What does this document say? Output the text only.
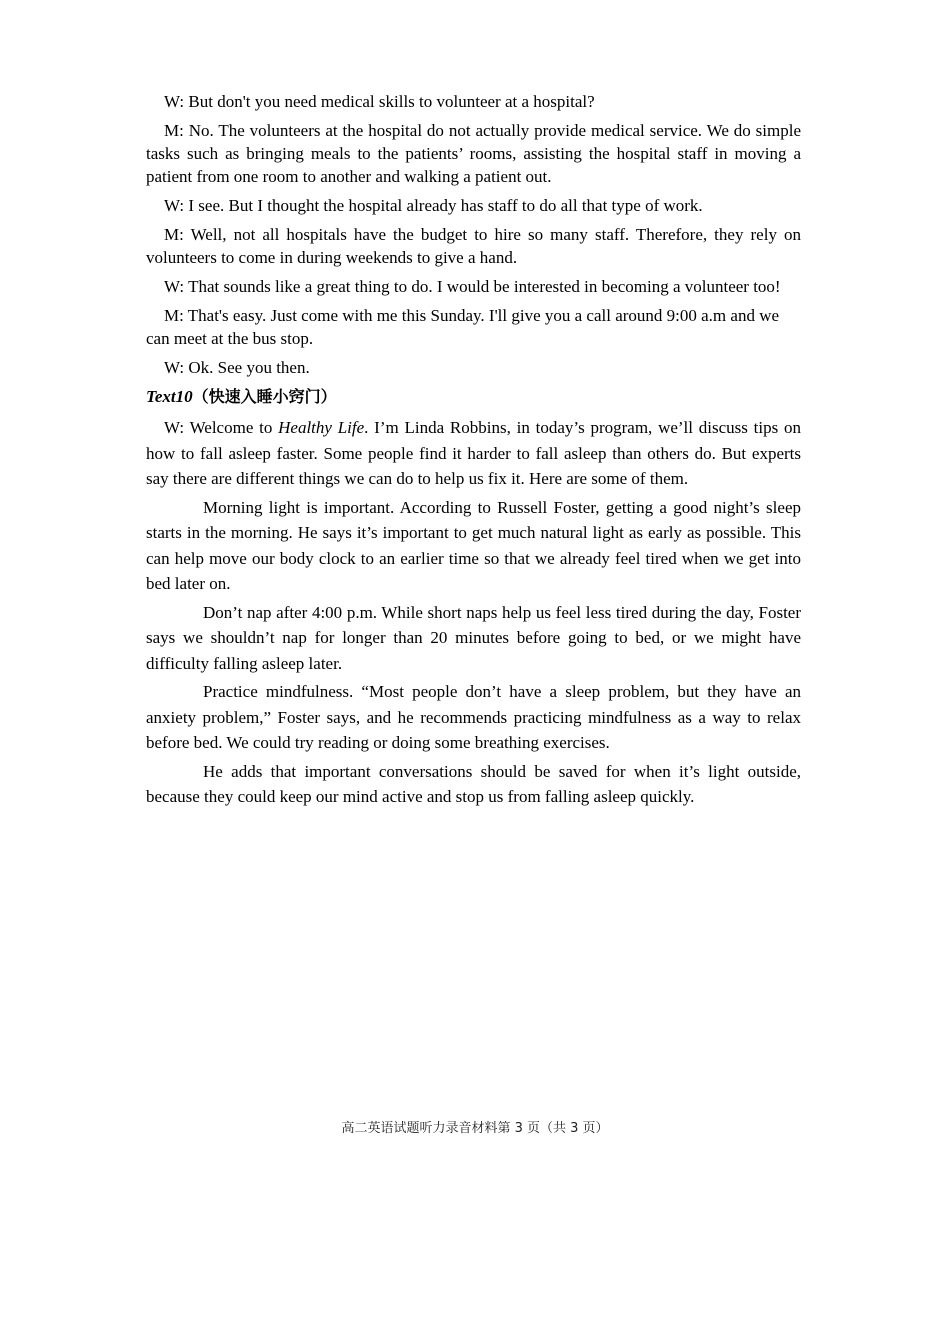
W: But don't you need medical skills to volunteer at a hospital?

M: No. The volunteers at the hospital do not actually provide medical service. We do simple tasks such as bringing meals to the patients’ rooms, assisting the hospital staff in moving a patient from one room to another and walking a patient out.

W: I see. But I thought the hospital already has staff to do all that type of work.

M: Well, not all hospitals have the budget to hire so many staff. Therefore, they rely on volunteers to come in during weekends to give a hand.

W: That sounds like a great thing to do. I would be interested in becoming a volunteer too!

M: That's easy. Just come with me this Sunday. I'll give you a call around 9:00 a.m and we can meet at the bus stop.

W: Ok. See you then.

Text10（快速入睡小窍门）

W: Welcome to Healthy Life. I’m Linda Robbins, in today’s program, we’ll discuss tips on how to fall asleep faster. Some people find it harder to fall asleep than others do. But experts say there are different things we can do to help us fix it. Here are some of them.

Morning light is important. According to Russell Foster, getting a good night’s sleep starts in the morning. He says it’s important to get much natural light as early as possible. This can help move our body clock to an earlier time so that we already feel tired when we get into bed later on.

Don’t nap after 4:00 p.m. While short naps help us feel less tired during the day, Foster says we shouldn’t nap for longer than 20 minutes before going to bed, or we might have difficulty falling asleep later.

Practice mindfulness. “Most people don’t have a sleep problem, but they have an anxiety problem,” Foster says, and he recommends practicing mindfulness as a way to relax before bed. We could try reading or doing some breathing exercises.

He adds that important conversations should be saved for when it’s light outside, because they could keep our mind active and stop us from falling asleep quickly.

高二英语试题听力录音材料第 3 页（共 3 页）
